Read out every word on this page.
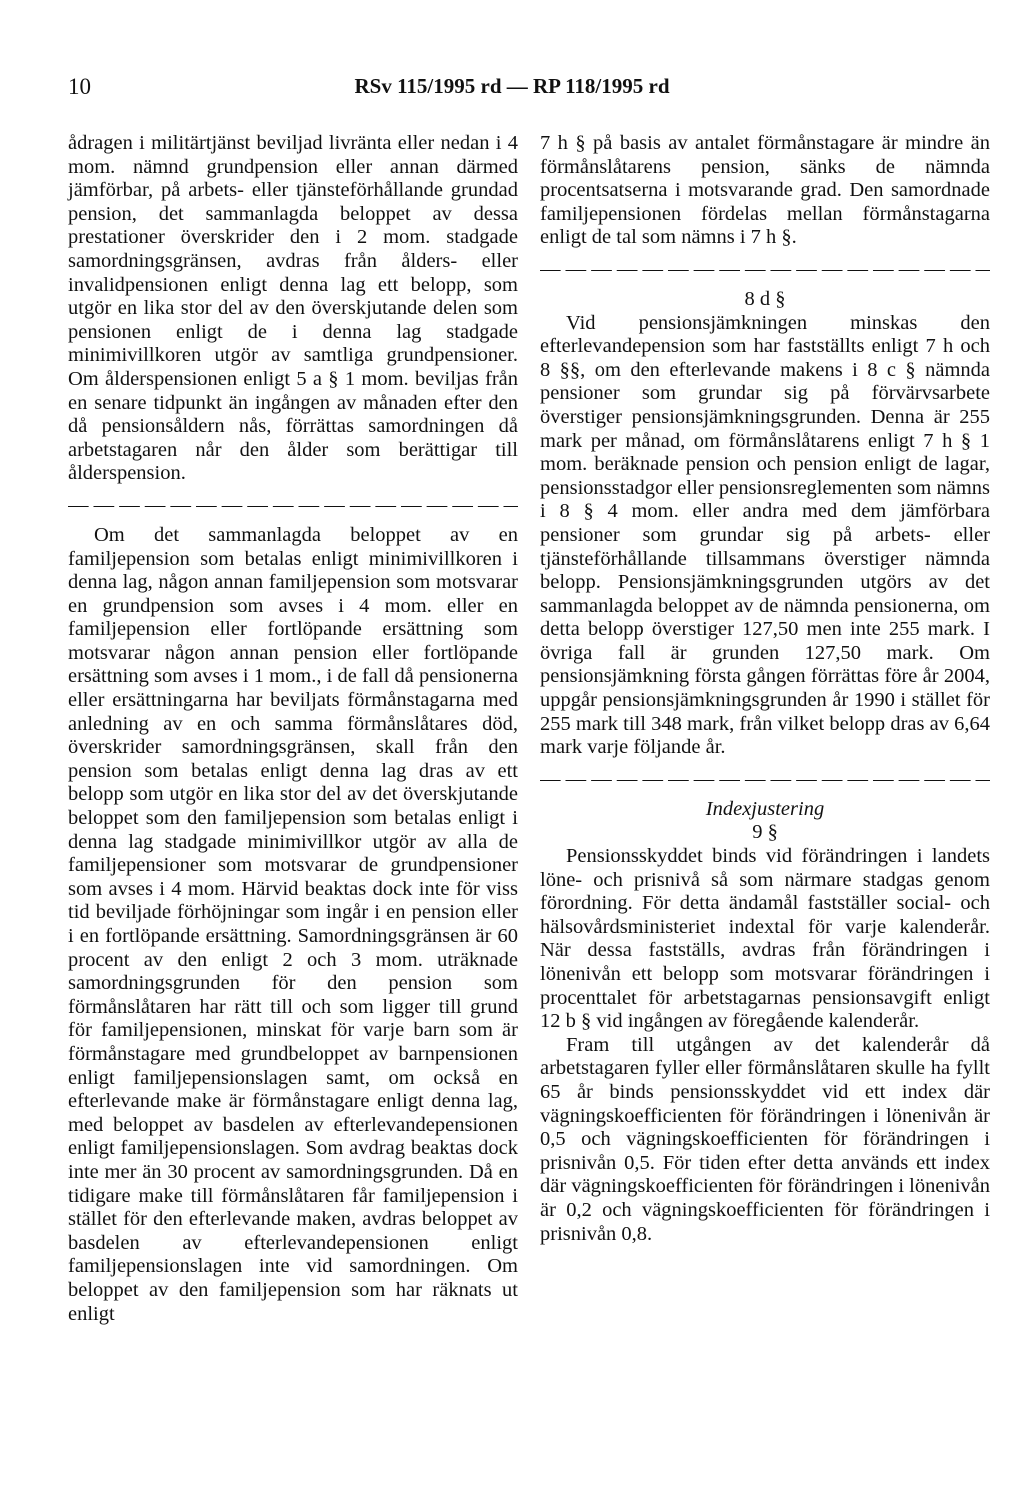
10	RSv 115/1995 rd — RP 118/1995 rd

ådragen i militärtjänst beviljad livränta eller nedan i 4 mom. nämnd grundpension eller annan därmed jämförbar, på arbets- eller tjänsteförhållande grundad pension, det sammanlagda beloppet av dessa prestationer överskrider den i 2 mom. stadgade samordningsgränsen, avdras från ålders- eller invalidpensionen enligt denna lag ett belopp, som utgör en lika stor del av den överskjutande delen som pensionen enligt de i denna lag stadgade minimivillkoren utgör av samtliga grundpensioner. Om ålderspensionen enligt 5 a § 1 mom. beviljas från en senare tidpunkt än ingången av månaden efter den då pensionsåldern nås, förrättas samordningen då arbetstagaren når den ålder som berättigar till ålderspension.

— — —

Om det sammanlagda beloppet av en familjepension som betalas enligt minimivillkoren i denna lag, någon annan familjepension som motsvarar en grundpension som avses i 4 mom. eller en familjepension eller fortlöpande ersättning som motsvarar någon annan pension eller fortlöpande ersättning som avses i 1 mom., i de fall då pensionerna eller ersättningarna har beviljats förmånstagarna med anledning av en och samma förmånslåtares död, överskrider samordningsgränsen, skall från den pension som betalas enligt denna lag dras av ett belopp som utgör en lika stor del av det överskjutande beloppet som den familjepension som betalas enligt i denna lag stadgade minimivillkor utgör av alla de familjepensioner som motsvarar de grundpensioner som avses i 4 mom. Härvid beaktas dock inte för viss tid beviljade förhöjningar som ingår i en pension eller i en fortlöpande ersättning. Samordningsgränsen är 60 procent av den enligt 2 och 3 mom. uträknade samordningsgrunden för den pension som förmånslåtaren har rätt till och som ligger till grund för familjepensionen, minskat för varje barn som är förmånstagare med grundbeloppet av barnpensionen enligt familjepensionslagen samt, om också en efterlevande make är förmånstagare enligt denna lag, med beloppet av basdelen av efterlevandepensionen enligt familjepensionslagen. Som avdrag beaktas dock inte mer än 30 procent av samordningsgrunden. Då en tidigare make till förmånslåtaren får familjepension i stället för den efterlevande maken, avdras beloppet av basdelen av efterlevandepensionen enligt familjepensionslagen inte vid samordningen. Om beloppet av den familjepension som har räknats ut enligt

7 h § på basis av antalet förmånstagare är mindre än förmånslåtarens pension, sänks de nämnda procentsatserna i motsvarande grad. Den samordnade familjepensionen fördelas mellan förmånstagarna enligt de tal som nämns i 7 h §.

— — —

8 d §

Vid pensionsjämkningen minskas den efterlevandepension som har fastställts enligt 7 h och 8 §§, om den efterlevande makens i 8 c § nämnda pensioner som grundar sig på förvärvsarbete överstiger pensionsjämkningsgrunden. Denna är 255 mark per månad, om förmånslåtarens enligt 7 h § 1 mom. beräknade pension och pension enligt de lagar, pensionsstadgor eller pensionsreglementen som nämns i 8 § 4 mom. eller andra med dem jämförbara pensioner som grundar sig på arbets- eller tjänsteförhållande tillsammans överstiger nämnda belopp. Pensionsjämkningsgrunden utgörs av det sammanlagda beloppet av de nämnda pensionerna, om detta belopp överstiger 127,50 men inte 255 mark. I övriga fall är grunden 127,50 mark. Om pensionsjämkning första gången förrättas före år 2004, uppgår pensionsjämkningsgrunden år 1990 i stället för 255 mark till 348 mark, från vilket belopp dras av 6,64 mark varje följande år.

— — —

Indexjustering

9 §

Pensionsskyddet binds vid förändringen i landets löne- och prisnivå så som närmare stadgas genom förordning. För detta ändamål fastställer social- och hälsovårdsministeriet indextal för varje kalenderår. När dessa fastställs, avdras från förändringen i lönenivån ett belopp som motsvarar förändringen i procenttalet för arbetstagarnas pensionsavgift enligt 12 b § vid ingången av föregående kalenderår.

Fram till utgången av det kalenderår då arbetstagaren fyller eller förmånslåtaren skulle ha fyllt 65 år binds pensionsskyddet vid ett index där vägningskoefficienten för förändringen i lönenivån är 0,5 och vägningskoefficienten för förändringen i prisnivån 0,5. För tiden efter detta används ett index där vägningskoefficienten för förändringen i lönenivån är 0,2 och vägningskoefficienten för förändringen i prisnivån 0,8.
